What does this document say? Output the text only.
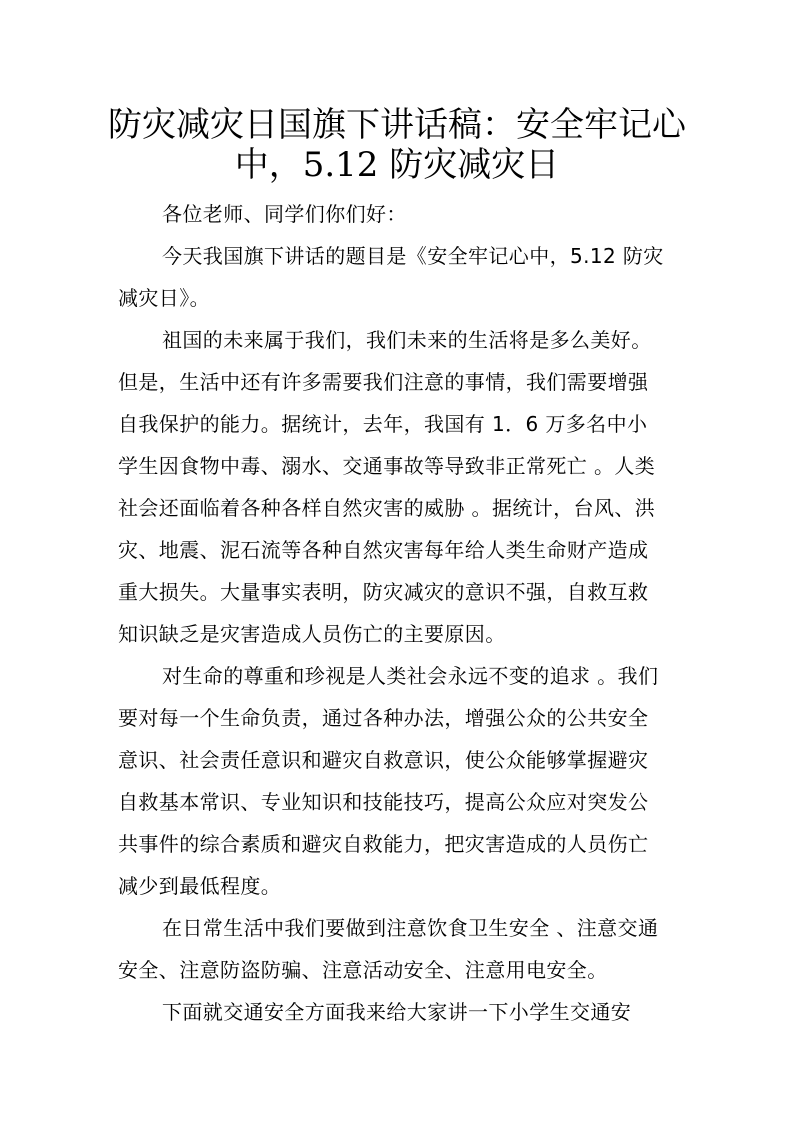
防灾减灾日国旗下讲话稿：安全牢记心
中，5.12 防灾减灾日
各位老师、同学们你们好：
今天我国旗下讲话的题目是《安全牢记心中，5.12 防灾
减灾日》。
祖国的未来属于我们，我们未来的生活将是多么美好。
但是，生活中还有许多需要我们注意的事情，我们需要增强
自我保护的能力。据统计，去年，我国有 1．6 万多名中小
学生因食物中毒、溺水、交通事故等导致非正常死亡 。人类
社会还面临着各种各样自然灾害的威胁 。据统计，台风、洪
灾、地震、泥石流等各种自然灾害每年给人类生命财产造成
重大损失。大量事实表明，防灾减灾的意识不强，自救互救
知识缺乏是灾害造成人员伤亡的主要原因。
对生命的尊重和珍视是人类社会永远不变的追求 。我们
要对每一个生命负责，通过各种办法，增强公众的公共安全
意识、社会责任意识和避灾自救意识，使公众能够掌握避灾
自救基本常识、专业知识和技能技巧，提高公众应对突发公
共事件的综合素质和避灾自救能力，把灾害造成的人员伤亡
减少到最低程度。
在日常生活中我们要做到注意饮食卫生安全 、注意交通
安全、注意防盗防骗、注意活动安全、注意用电安全。
下面就交通安全方面我来给大家讲一下小学生交通安
